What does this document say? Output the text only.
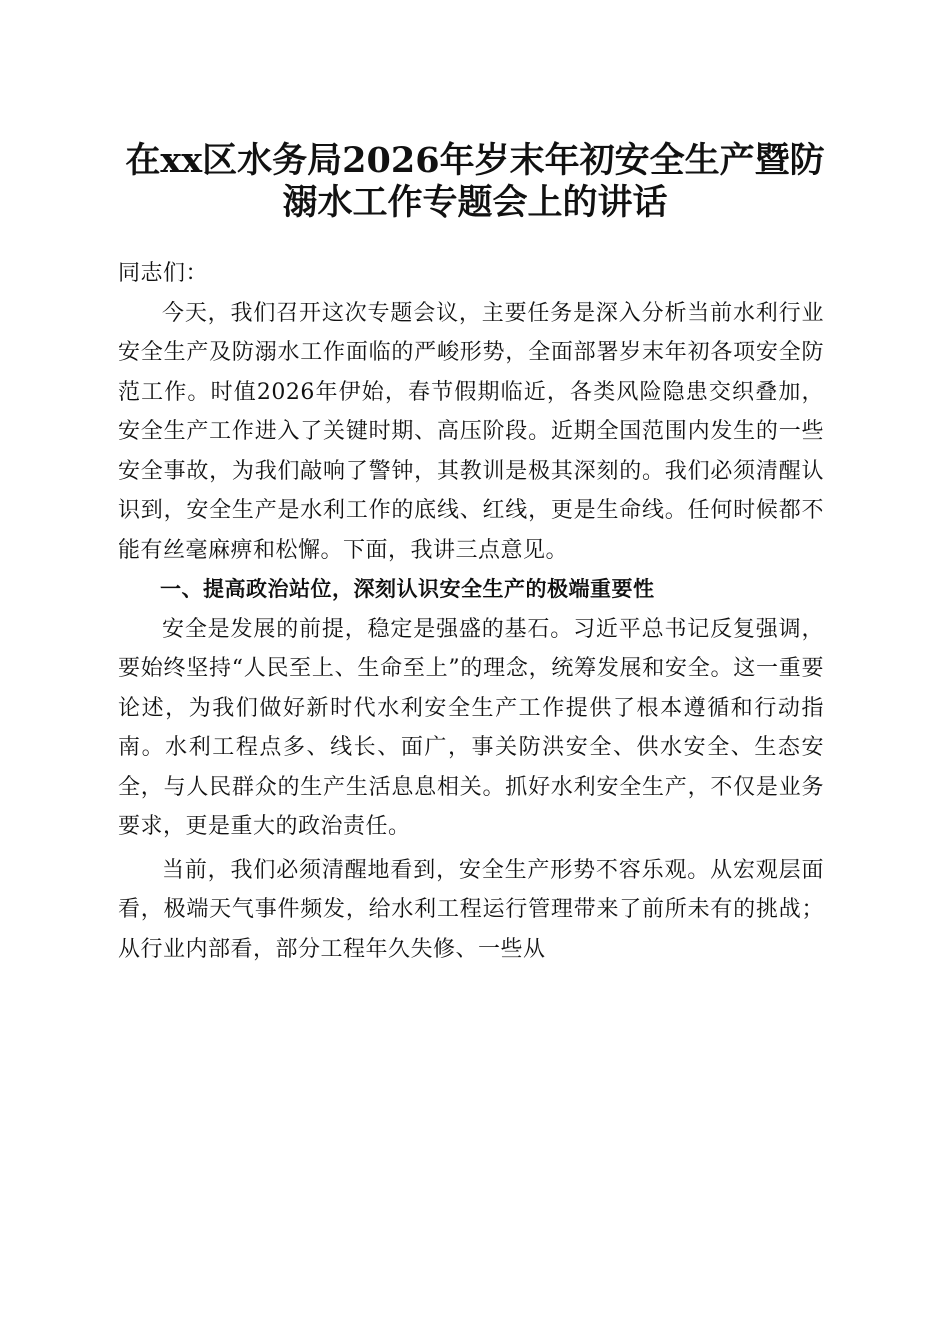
在xx区水务局2026年岁末年初安全生产暨防
溺水工作专题会上的讲话

同志们：

今天，我们召开这次专题会议，主要任务是深入分析当前水利行业安全生产及防溺水工作面临的严峻形势，全面部署岁末年初各项安全防范工作。时值2026年伊始，春节假期临近，各类风险隐患交织叠加，安全生产工作进入了关键时期、高压阶段。近期全国范围内发生的一些安全事故，为我们敲响了警钟，其教训是极其深刻的。我们必须清醒认识到，安全生产是水利工作的底线、红线，更是生命线。任何时候都不能有丝毫麻痹和松懈。下面，我讲三点意见。

一、提高政治站位，深刻认识安全生产的极端重要性

安全是发展的前提，稳定是强盛的基石。习近平总书记反复强调，要始终坚持“人民至上、生命至上”的理念，统筹发展和安全。这一重要论述，为我们做好新时代水利安全生产工作提供了根本遵循和行动指南。水利工程点多、线长、面广，事关防洪安全、供水安全、生态安全，与人民群众的生产生活息息相关。抓好水利安全生产，不仅是业务要求，更是重大的政治责任。

当前，我们必须清醒地看到，安全生产形势不容乐观。从宏观层面看，极端天气事件频发，给水利工程运行管理带来了前所未有的挑战；从行业内部看，部分工程年久失修、一些从
